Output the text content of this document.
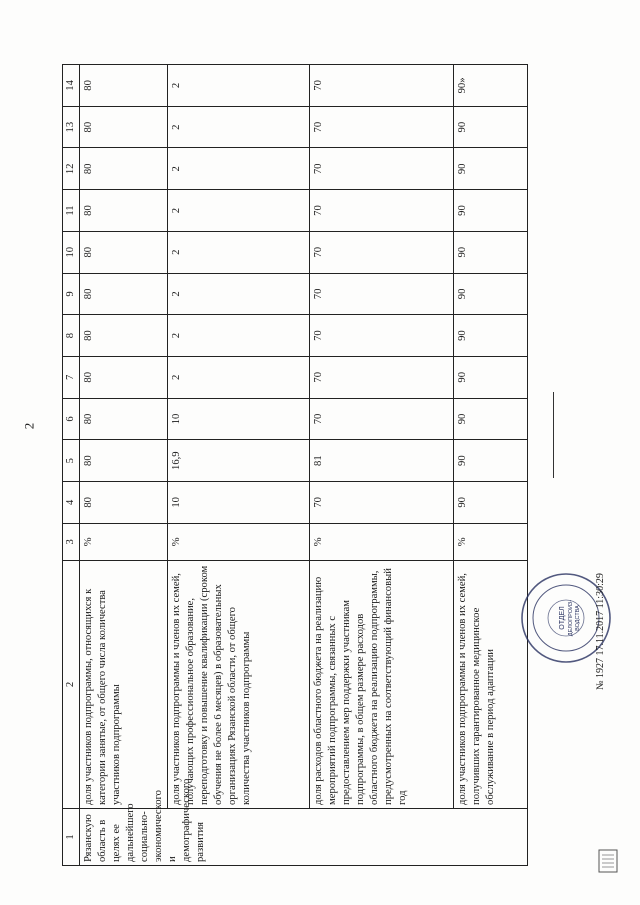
2
1	2	3	4	5	6	7	8	9	10	11	12	13	14
Рязанскую область в целях ее дальнейшего социально-экономического и демографического развития	доля участников подпрограммы, относящихся к категории занятые, от общего числа количества участников подпрограммы	%	80	80	80	80	80	80	80	80	80	80	80
	доля участников подпрограммы и членов их семей, получающих профессиональное образование, переподготовку и повышение квалификации (сроком обучения не более 6 месяцев) в образовательных организациях Рязанской области, от общего количества участников подпрограммы	%	10	16,9	10	2	2	2	2	2	2	2	2
	доля расходов областного бюджета на реализацию мероприятий подпрограммы, связанных с предоставлением мер поддержки участникам подпрограммы, в общем размере расходов областного бюджета на реализацию подпрограммы, предусмотренных на соответствующий финансовый год	%	70	81	70	70	70	70	70	70	70	70	70
	доля участников подпрограммы и членов их семей, получивших гарантированное медицинское обслуживание в период адаптации	%	90	90	90	90	90	90	90	90	90	90	90»
ОТДЕЛ ДЕЛОПРОИЗ- ВОДСТВА № 1927 17.11.2017 11:30:29
